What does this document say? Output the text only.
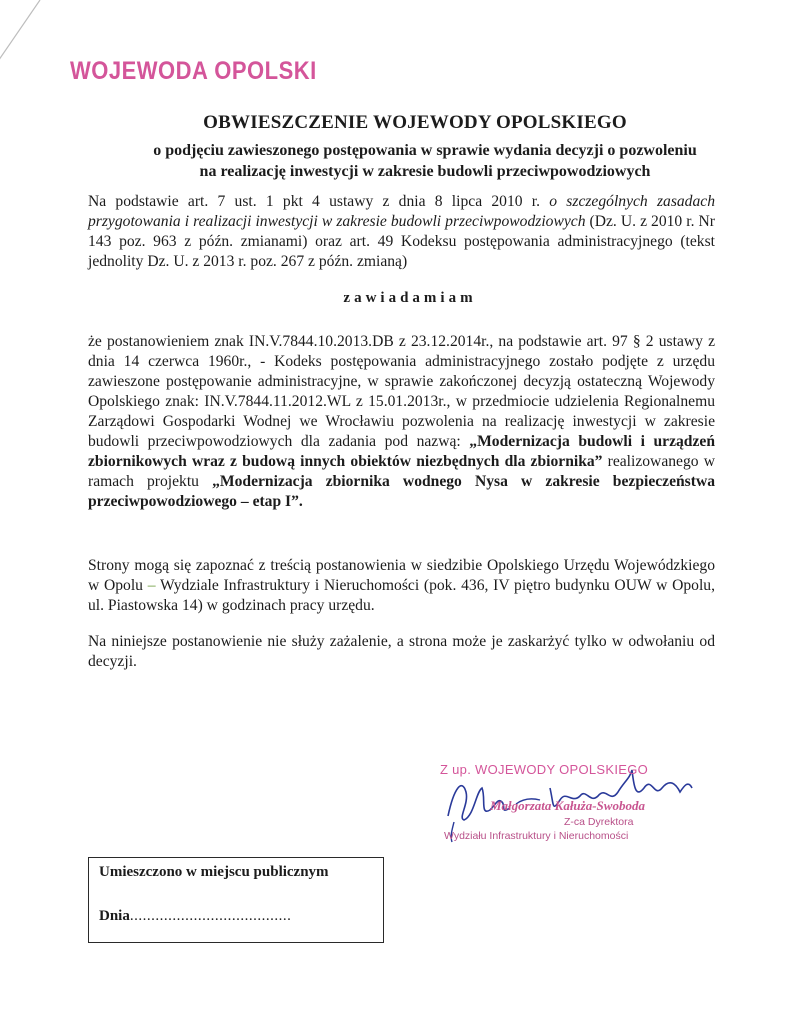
WOJEWODA OPOLSKI
OBWIESZCZENIE WOJEWODY OPOLSKIEGO
o podjęciu zawieszonego postępowania w sprawie wydania decyzji o pozwoleniu
na realizację inwestycji w zakresie budowli przeciwpowodziowych

Na podstawie art. 7 ust. 1 pkt 4 ustawy z dnia 8 lipca 2010 r. o szczególnych zasadach przygotowania i realizacji inwestycji w zakresie budowli przeciwpowodziowych (Dz. U. z 2010 r. Nr 143 poz. 963 z późn. zmianami) oraz art. 49 Kodeksu postępowania administracyjnego (tekst jednolity Dz. U. z 2013 r. poz. 267 z późn. zmianą)

zawiadamiam

że postanowieniem znak IN.V.7844.10.2013.DB z 23.12.2014r., na podstawie art. 97 § 2 ustawy z dnia 14 czerwca 1960r., - Kodeks postępowania administracyjnego zostało podjęte z urzędu zawieszone postępowanie administracyjne, w sprawie zakończonej decyzją ostateczną Wojewody Opolskiego znak: IN.V.7844.11.2012.WL z 15.01.2013r., w przedmiocie udzielenia Regionalnemu Zarządowi Gospodarki Wodnej we Wrocławiu pozwolenia na realizację inwestycji w zakresie budowli przeciwpowodziowych dla zadania pod nazwą: „Modernizacja budowli i urządzeń zbiornikowych wraz z budową innych obiektów niezbędnych dla zbiornika” realizowanego w ramach projektu „Modernizacja zbiornika wodnego Nysa w zakresie bezpieczeństwa przeciwpowodziowego – etap I”.

Strony mogą się zapoznać z treścią postanowienia w siedzibie Opolskiego Urzędu Wojewódzkiego w Opolu – Wydziale Infrastruktury i Nieruchomości (pok. 436, IV piętro budynku OUW w Opolu, ul. Piastowska 14) w godzinach pracy urzędu.

Na niniejsze postanowienie nie służy zażalenie, a strona może je zaskarżyć tylko w odwołaniu od decyzji.

Z up. WOJEWODY OPOLSKIEGO
Małgorzata Kałuża-Swoboda
Z-ca Dyrektora
Wydziału Infrastruktury i Nieruchomości
Umieszczono w miejscu publicznym
Dnia......................................
